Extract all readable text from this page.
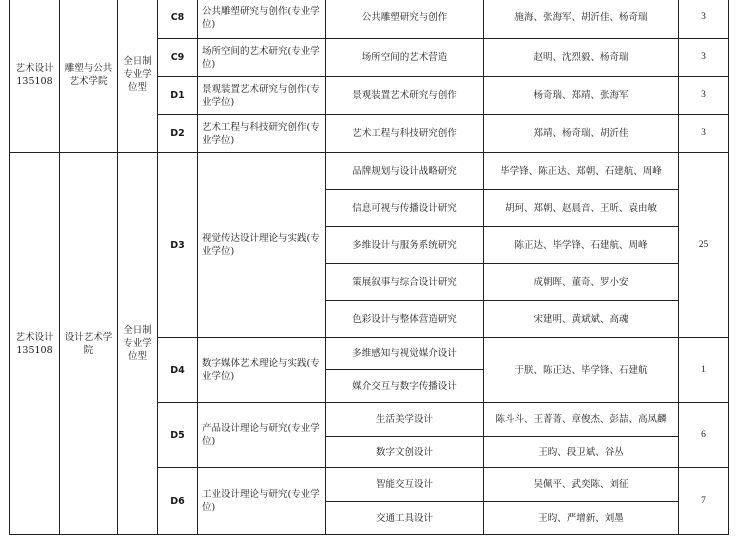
艺术设计135108	雕塑与公共艺术学院	全日制专业学位型	C8	公共雕塑研究与创作(专业学位)	公共雕塑研究与创作	施海、张海军、胡沂佳、杨奇瑞	3
			C9	场所空间的艺术研究(专业学位)	场所空间的艺术营造	赵明、沈烈毅、杨奇瑞	3
			D1	景观装置艺术研究与创作(专业学位)	景观装置艺术研究与创作	杨奇瑞、郑靖、张海军	3
			D2	艺术工程与科技研究创作(专业学位)	艺术工程与科技研究创作	郑靖、杨奇瑞、胡沂佳	3
艺术设计135108	设计艺术学院	全日制专业学位型	D3	视觉传达设计理论与实践(专业学位)	品牌规划与设计战略研究	毕学锋、陈正达、郑朝、石建航、周峰	25
					信息可视与传播设计研究	胡珂、郑朝、赵晨音、王昕、袁由敏	
					多维设计与服务系统研究	陈正达、毕学锋、石建航、周峰	
					策展叙事与综合设计研究	成朝晖、董奇、罗小安	
					色彩设计与整体营造研究	宋建明、黄斌斌、高魂	
			D4	数字媒体艺术理论与实践(专业学位)	多维感知与视觉媒介设计	于朕、陈正达、毕学锋、石建航	1
					媒介交互与数字传播设计		
			D5	产品设计理论与研究(专业学位)	生活美学设计	陈斗斗、王菁菁、章俊杰、彭喆、高凤麟	6
					数字文创设计	王昀、段卫斌、谷丛	
			D6	工业设计理论与研究(专业学位)	智能交互设计	吴佩平、武奕陈、刘征	7
					交通工具设计	王昀、严增新、刘墨	
